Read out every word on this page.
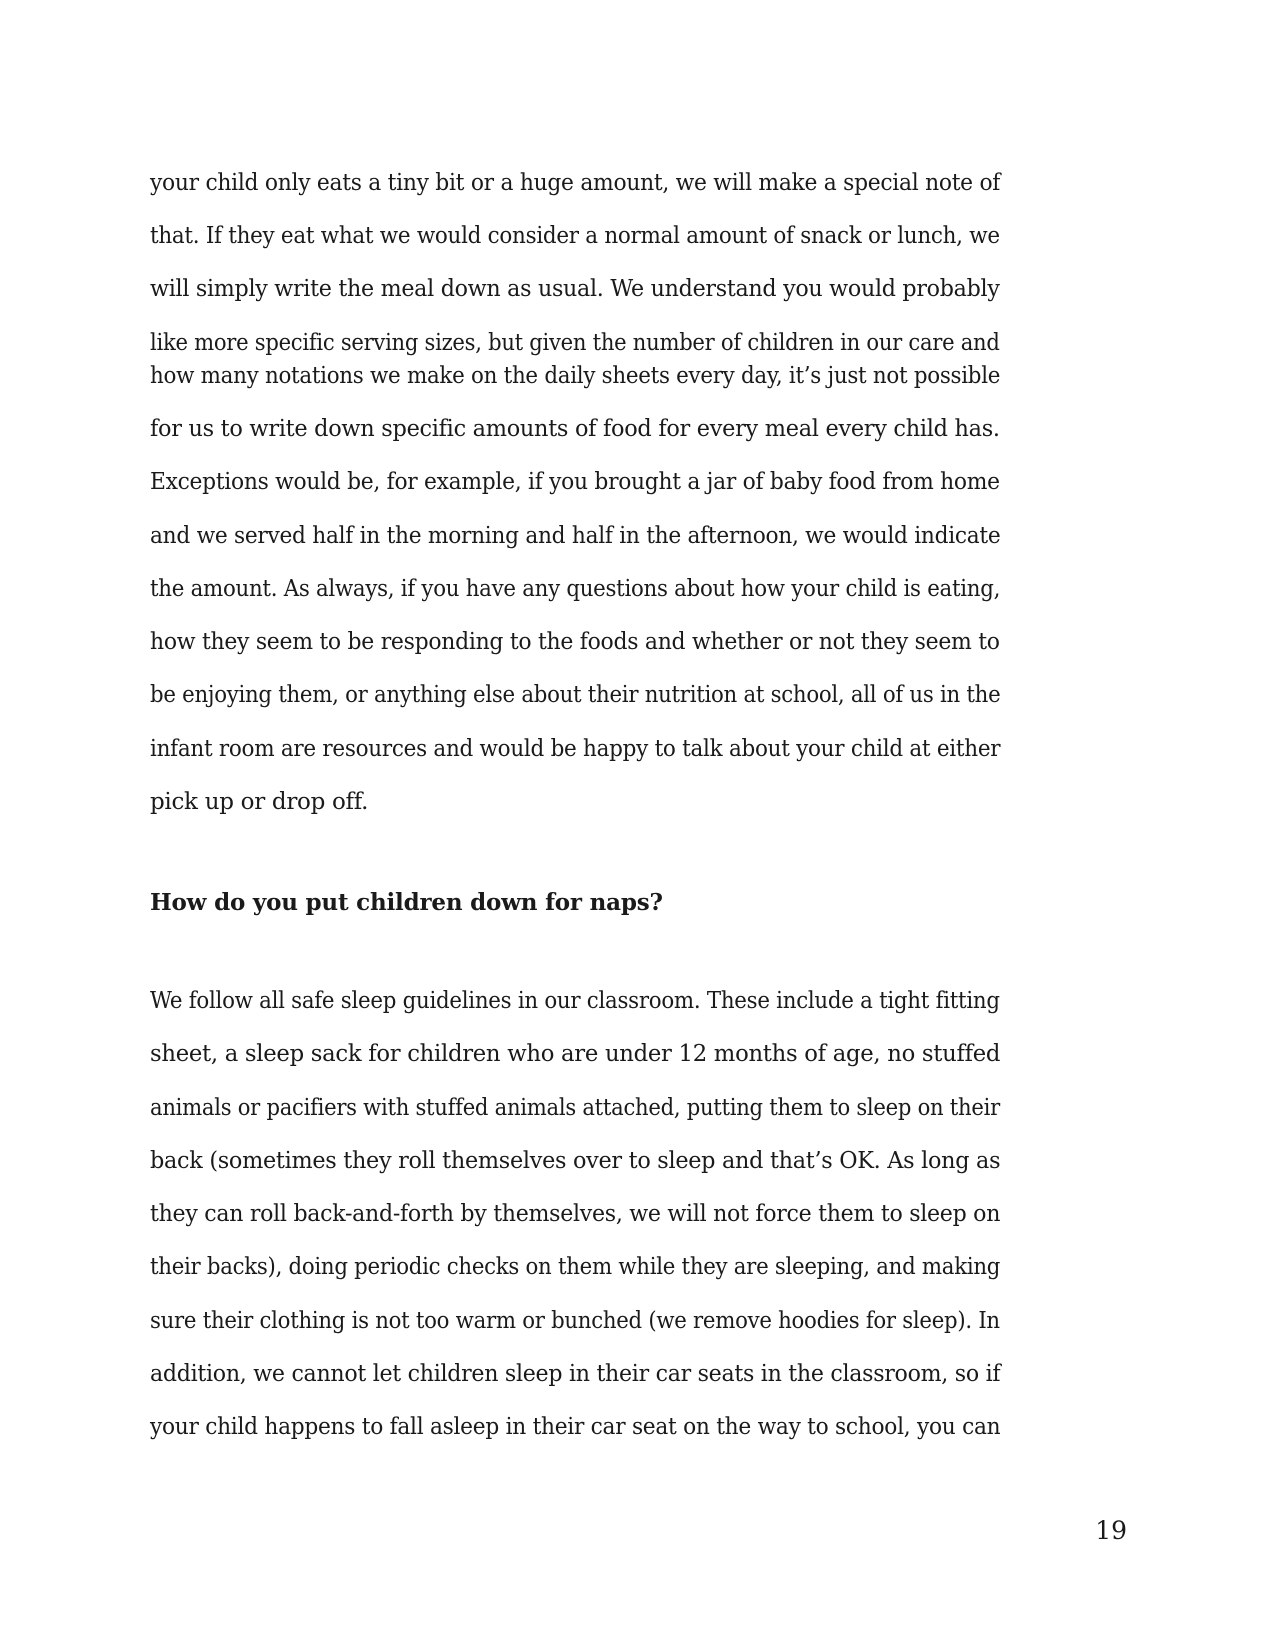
your child only eats a tiny bit or a huge amount, we will make a special note of
that. If they eat what we would consider a normal amount of snack or lunch, we
will simply write the meal down as usual. We understand you would probably
like more specific serving sizes, but given the number of children in our care and
how many notations we make on the daily sheets every day, it’s just not possible
for us to write down specific amounts of food for every meal every child has.
Exceptions would be, for example, if you brought a jar of baby food from home
and we served half in the morning and half in the afternoon, we would indicate
the amount. As always, if you have any questions about how your child is eating,
how they seem to be responding to the foods and whether or not they seem to
be enjoying them, or anything else about their nutrition at school, all of us in the
infant room are resources and would be happy to talk about your child at either
pick up or drop off.
How do you put children down for naps?
We follow all safe sleep guidelines in our classroom. These include a tight fitting
sheet, a sleep sack for children who are under 12 months of age, no stuffed
animals or pacifiers with stuffed animals attached, putting them to sleep on their
back (sometimes they roll themselves over to sleep and that’s OK. As long as
they can roll back-and-forth by themselves, we will not force them to sleep on
their backs), doing periodic checks on them while they are sleeping, and making
sure their clothing is not too warm or bunched (we remove hoodies for sleep). In
addition, we cannot let children sleep in their car seats in the classroom, so if
your child happens to fall asleep in their car seat on the way to school, you can
19
